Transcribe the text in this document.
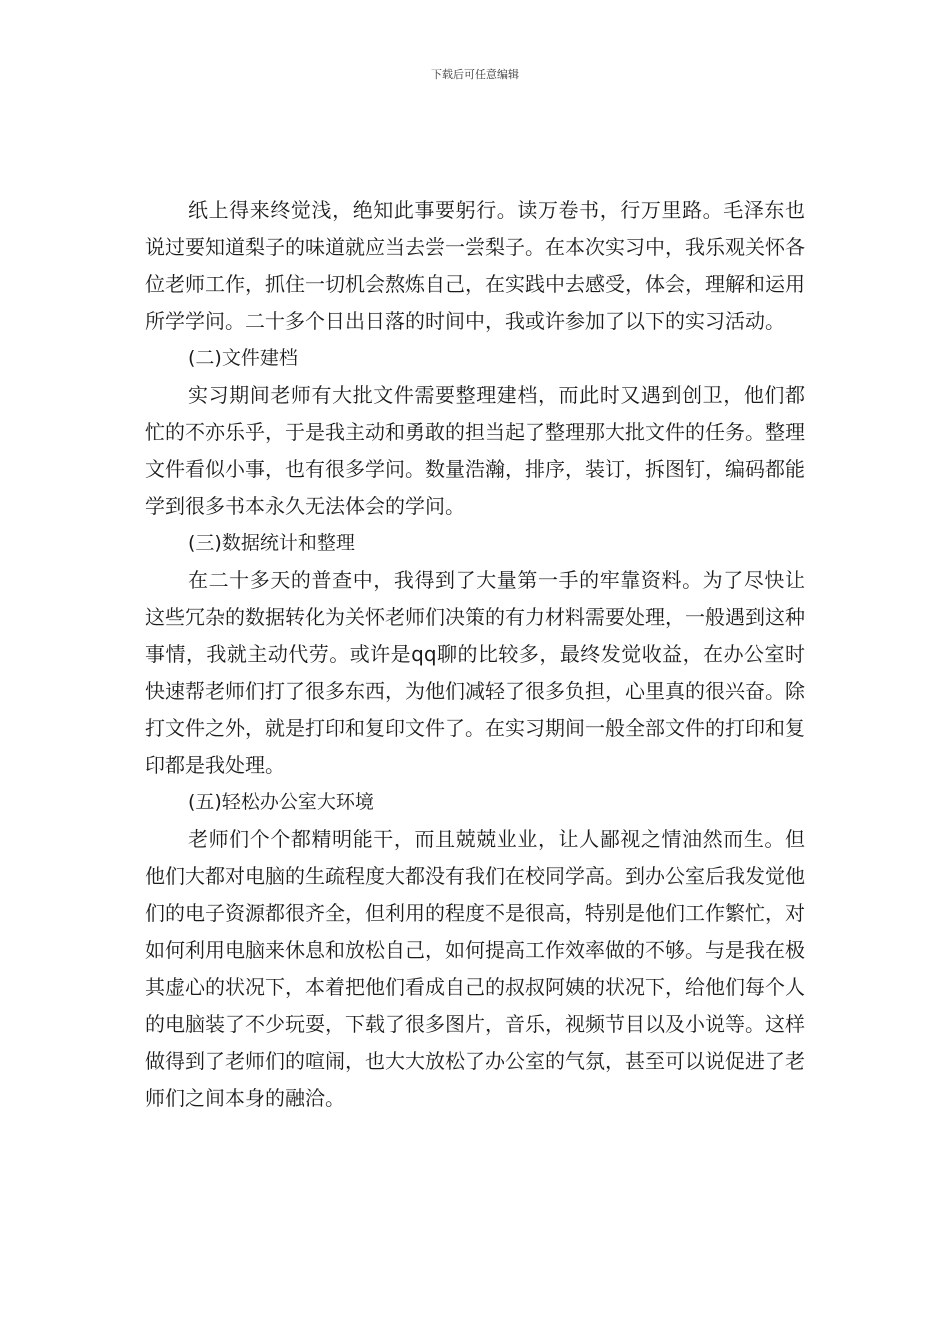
下载后可任意编辑

纸上得来终觉浅，绝知此事要躬行。读万卷书，行万里路。毛泽东也说过要知道梨子的味道就应当去尝一尝梨子。在本次实习中，我乐观关怀各位老师工作，抓住一切机会熬炼自己，在实践中去感受，体会，理解和运用所学学问。二十多个日出日落的时间中，我或许参加了以下的实习活动。

(二)文件建档

实习期间老师有大批文件需要整理建档，而此时又遇到创卫，他们都忙的不亦乐乎，于是我主动和勇敢的担当起了整理那大批文件的任务。整理文件看似小事，也有很多学问。数量浩瀚，排序，装订，拆图钉，编码都能学到很多书本永久无法体会的学问。

(三)数据统计和整理

在二十多天的普查中，我得到了大量第一手的牢靠资料。为了尽快让这些冗杂的数据转化为关怀老师们决策的有力材料需要处理，一般遇到这种事情，我就主动代劳。或许是qq聊的比较多，最终发觉收益，在办公室时快速帮老师们打了很多东西，为他们减轻了很多负担，心里真的很兴奋。除打文件之外，就是打印和复印文件了。在实习期间一般全部文件的打印和复印都是我处理。

(五)轻松办公室大环境

老师们个个都精明能干，而且兢兢业业，让人鄙视之情油然而生。但他们大都对电脑的生疏程度大都没有我们在校同学高。到办公室后我发觉他们的电子资源都很齐全，但利用的程度不是很高，特别是他们工作繁忙，对如何利用电脑来休息和放松自己，如何提高工作效率做的不够。与是我在极其虚心的状况下，本着把他们看成自己的叔叔阿姨的状况下，给他们每个人的电脑装了不少玩耍，下载了很多图片，音乐，视频节目以及小说等。这样做得到了老师们的喧闹，也大大放松了办公室的气氛，甚至可以说促进了老师们之间本身的融洽。
